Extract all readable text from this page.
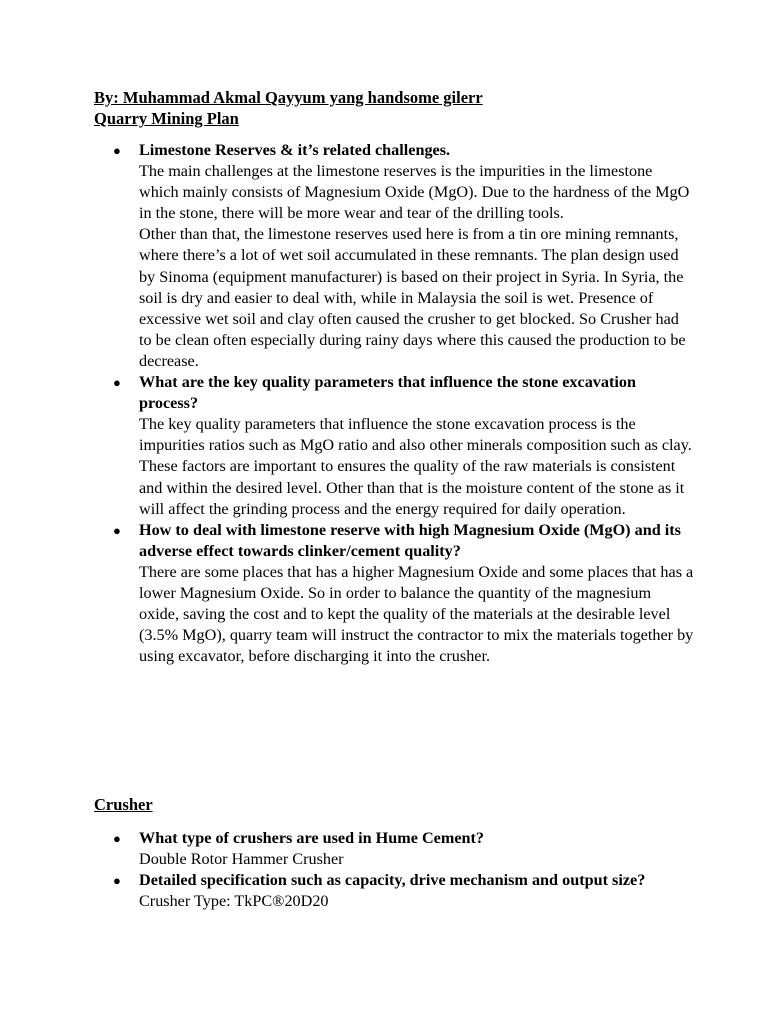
By: Muhammad Akmal Qayyum yang handsome gilerr
Quarry Mining Plan
● Limestone Reserves & it’s related challenges.
The main challenges at the limestone reserves is the impurities in the limestone which mainly consists of Magnesium Oxide (MgO). Due to the hardness of the MgO in the stone, there will be more wear and tear of the drilling tools.
Other than that, the limestone reserves used here is from a tin ore mining remnants, where there’s a lot of wet soil accumulated in these remnants. The plan design used by Sinoma (equipment manufacturer) is based on their project in Syria. In Syria, the soil is dry and easier to deal with, while in Malaysia the soil is wet. Presence of excessive wet soil and clay often caused the crusher to get blocked. So Crusher had to be clean often especially during rainy days where this caused the production to be decrease.
● What are the key quality parameters that influence the stone excavation process?
The key quality parameters that influence the stone excavation process is the impurities ratios such as MgO ratio and also other minerals composition such as clay. These factors are important to ensures the quality of the raw materials is consistent and within the desired level. Other than that is the moisture content of the stone as it will affect the grinding process and the energy required for daily operation.
● How to deal with limestone reserve with high Magnesium Oxide (MgO) and its adverse effect towards clinker/cement quality?
There are some places that has a higher Magnesium Oxide and some places that has a lower Magnesium Oxide. So in order to balance the quantity of the magnesium oxide, saving the cost and to kept the quality of the materials at the desirable level (3.5% MgO), quarry team will instruct the contractor to mix the materials together by using excavator, before discharging it into the crusher.
Crusher
● What type of crushers are used in Hume Cement?
Double Rotor Hammer Crusher
● Detailed specification such as capacity, drive mechanism and output size?
Crusher Type: TkPC®20D20
